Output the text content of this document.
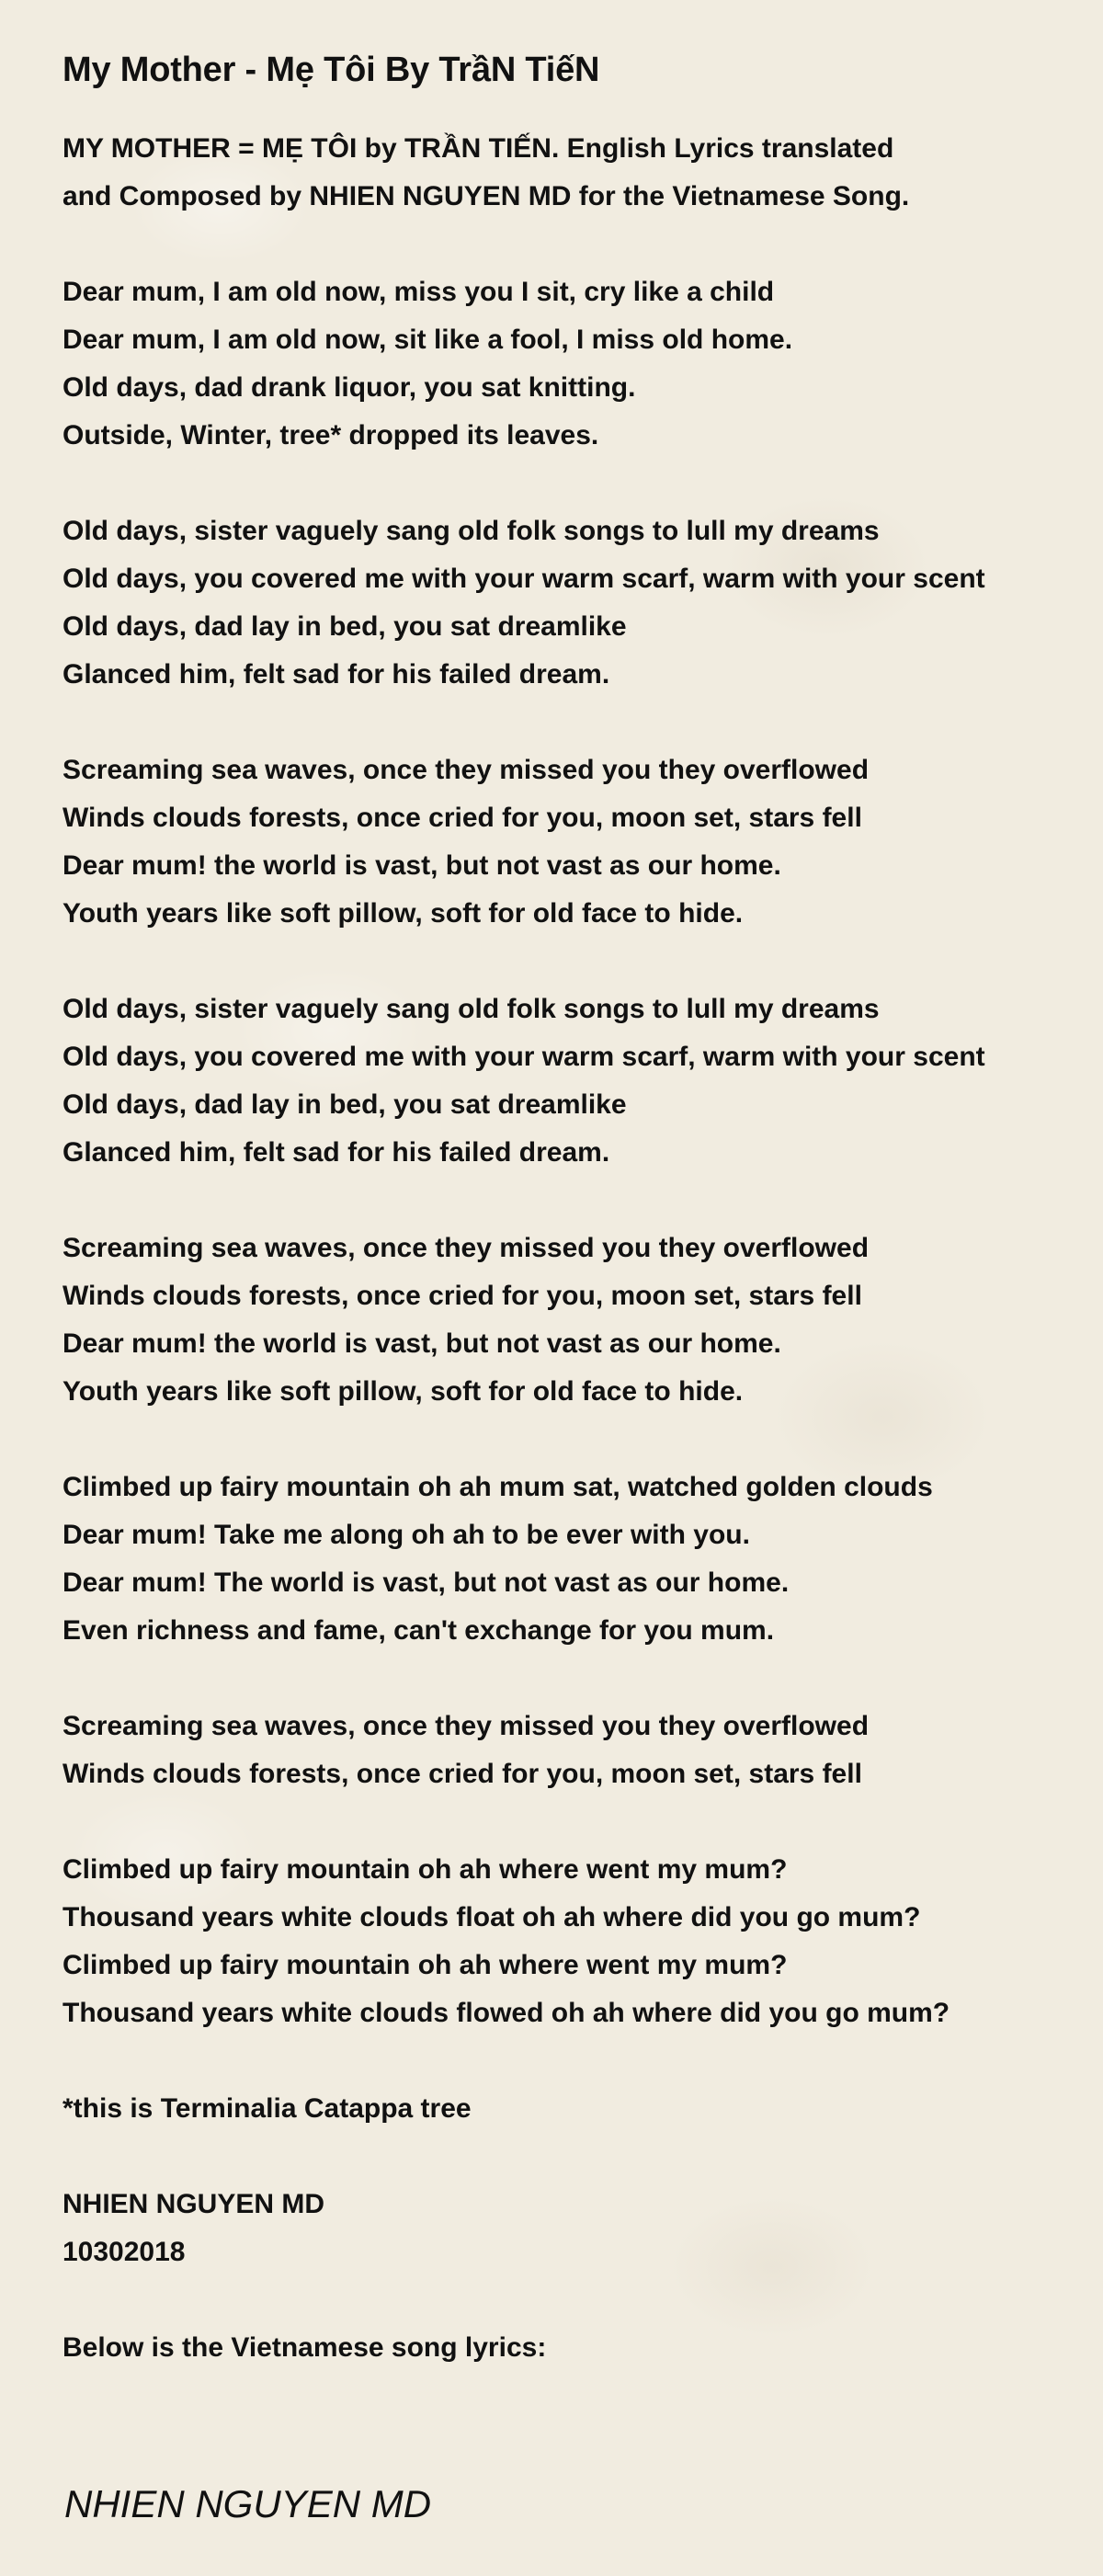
My Mother - Mẹ Tôi By TrầN TiếN
MY MOTHER = MẸ TÔI by TRẦN TIẾN. English Lyrics translated
and Composed by NHIEN NGUYEN MD for the Vietnamese Song.
Dear mum, I am old now, miss you I sit, cry like a child
Dear mum, I am old now, sit like a fool, I miss old home.
Old days, dad drank liquor, you sat knitting.
Outside, Winter, tree* dropped its leaves.
Old days, sister vaguely sang old folk songs to lull my dreams
Old days, you covered me with your warm scarf, warm with your scent
Old days, dad lay in bed, you sat dreamlike
Glanced him, felt sad for his failed dream.
Screaming sea waves, once they missed you they overflowed
Winds clouds forests, once cried for you, moon set, stars fell
Dear mum! the world is vast, but not vast as our home.
Youth years like soft pillow, soft for old face to hide.
Old days, sister vaguely sang old folk songs to lull my dreams
Old days, you covered me with your warm scarf, warm with your scent
Old days, dad lay in bed, you sat dreamlike
Glanced him, felt sad for his failed dream.
Screaming sea waves, once they missed you they overflowed
Winds clouds forests, once cried for you, moon set, stars fell
Dear mum! the world is vast, but not vast as our home.
Youth years like soft pillow, soft for old face to hide.
Climbed up fairy mountain oh ah mum sat, watched golden clouds
Dear mum! Take me along oh ah to be ever with you.
Dear mum! The world is vast, but not vast as our home.
Even richness and fame, can't exchange for you mum.
Screaming sea waves, once they missed you they overflowed
Winds clouds forests, once cried for you, moon set, stars fell
Climbed up fairy mountain oh ah where went my mum?
Thousand years white clouds float oh ah where did you go mum?
Climbed up fairy mountain oh ah where went my mum?
Thousand years white clouds flowed oh ah where did you go mum?
*this is Terminalia Catappa tree
NHIEN NGUYEN MD
10302018
Below is the Vietnamese song lyrics:
NHIEN NGUYEN MD
